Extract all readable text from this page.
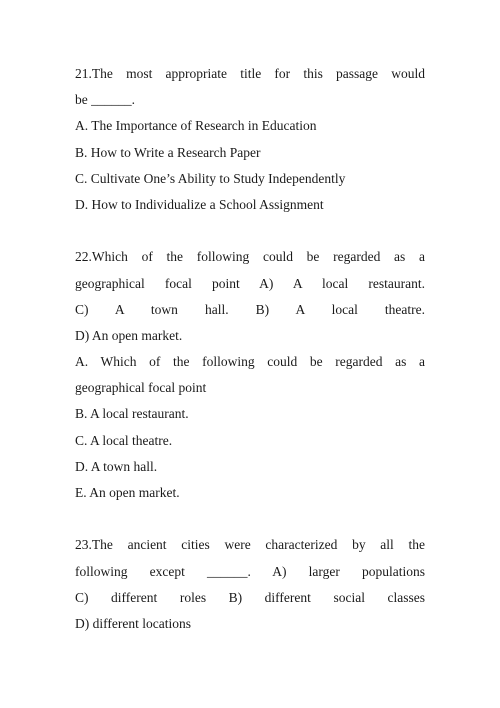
21.The most appropriate title for this passage would
be ______.
A. The Importance of Research in Education
B. How to Write a Research Paper
C. Cultivate One’s Ability to Study Independently
D. How to Individualize a School Assignment
22.Which of the following could be regarded as a
geographical focal point A) A local restaurant.
C) A town hall. B) A local theatre.
D) An open market.
A. Which of the following could be regarded as a
geographical focal point
B. A local restaurant.
C. A local theatre.
D. A town hall.
E. An open market.
23.The ancient cities were characterized by all the
following except ______. A) larger populations
C) different roles B) different social classes
D) different locations
